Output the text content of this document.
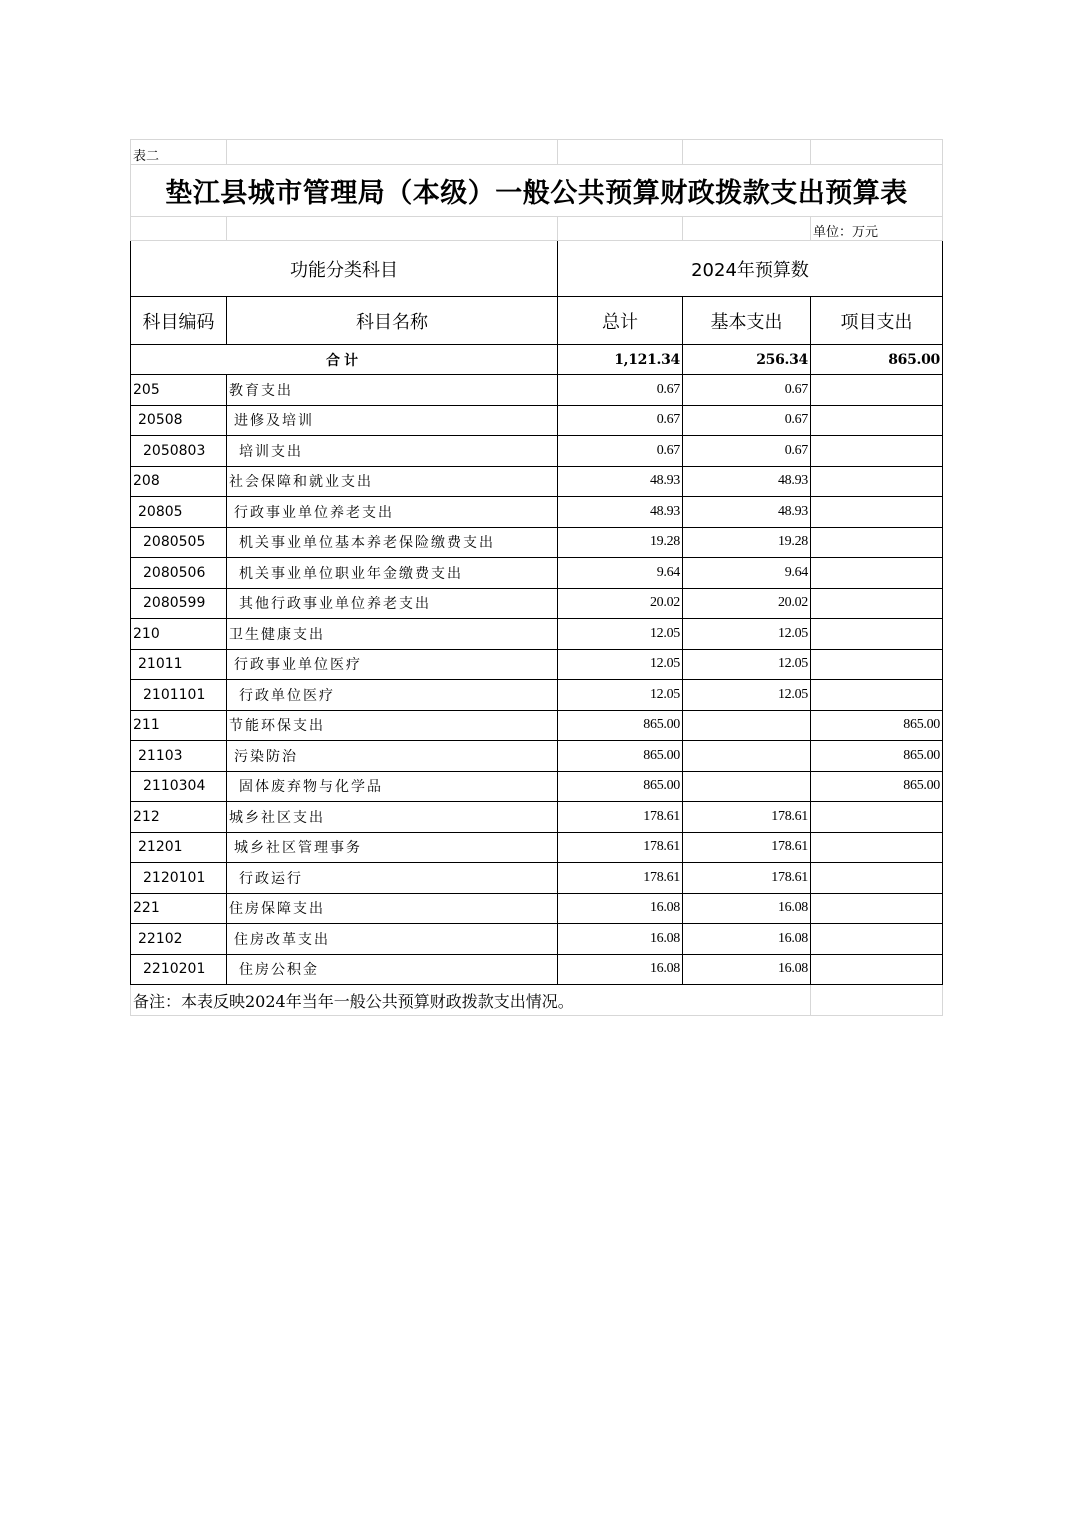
表二				
垫江县城市管理局（本级）一般公共预算财政拨款支出预算表				
				单位：万元
功能分类科目		2024年预算数		
科目编码	科目名称	总计	基本支出	项目支出
合计		1,121.34	256.34	865.00
205	教育支出	0.67	0.67	
20508	进修及培训	0.67	0.67	
2050803	培训支出	0.67	0.67	
208	社会保障和就业支出	48.93	48.93	
20805	行政事业单位养老支出	48.93	48.93	
2080505	机关事业单位基本养老保险缴费支出	19.28	19.28	
2080506	机关事业单位职业年金缴费支出	9.64	9.64	
2080599	其他行政事业单位养老支出	20.02	20.02	
210	卫生健康支出	12.05	12.05	
21011	行政事业单位医疗	12.05	12.05	
2101101	行政单位医疗	12.05	12.05	
211	节能环保支出	865.00		865.00
21103	污染防治	865.00		865.00
2110304	固体废弃物与化学品	865.00		865.00
212	城乡社区支出	178.61	178.61	
21201	城乡社区管理事务	178.61	178.61	
2120101	行政运行	178.61	178.61	
221	住房保障支出	16.08	16.08	
22102	住房改革支出	16.08	16.08	
2210201	住房公积金	16.08	16.08	
备注：本表反映2024年当年一般公共预算财政拨款支出情况。				
